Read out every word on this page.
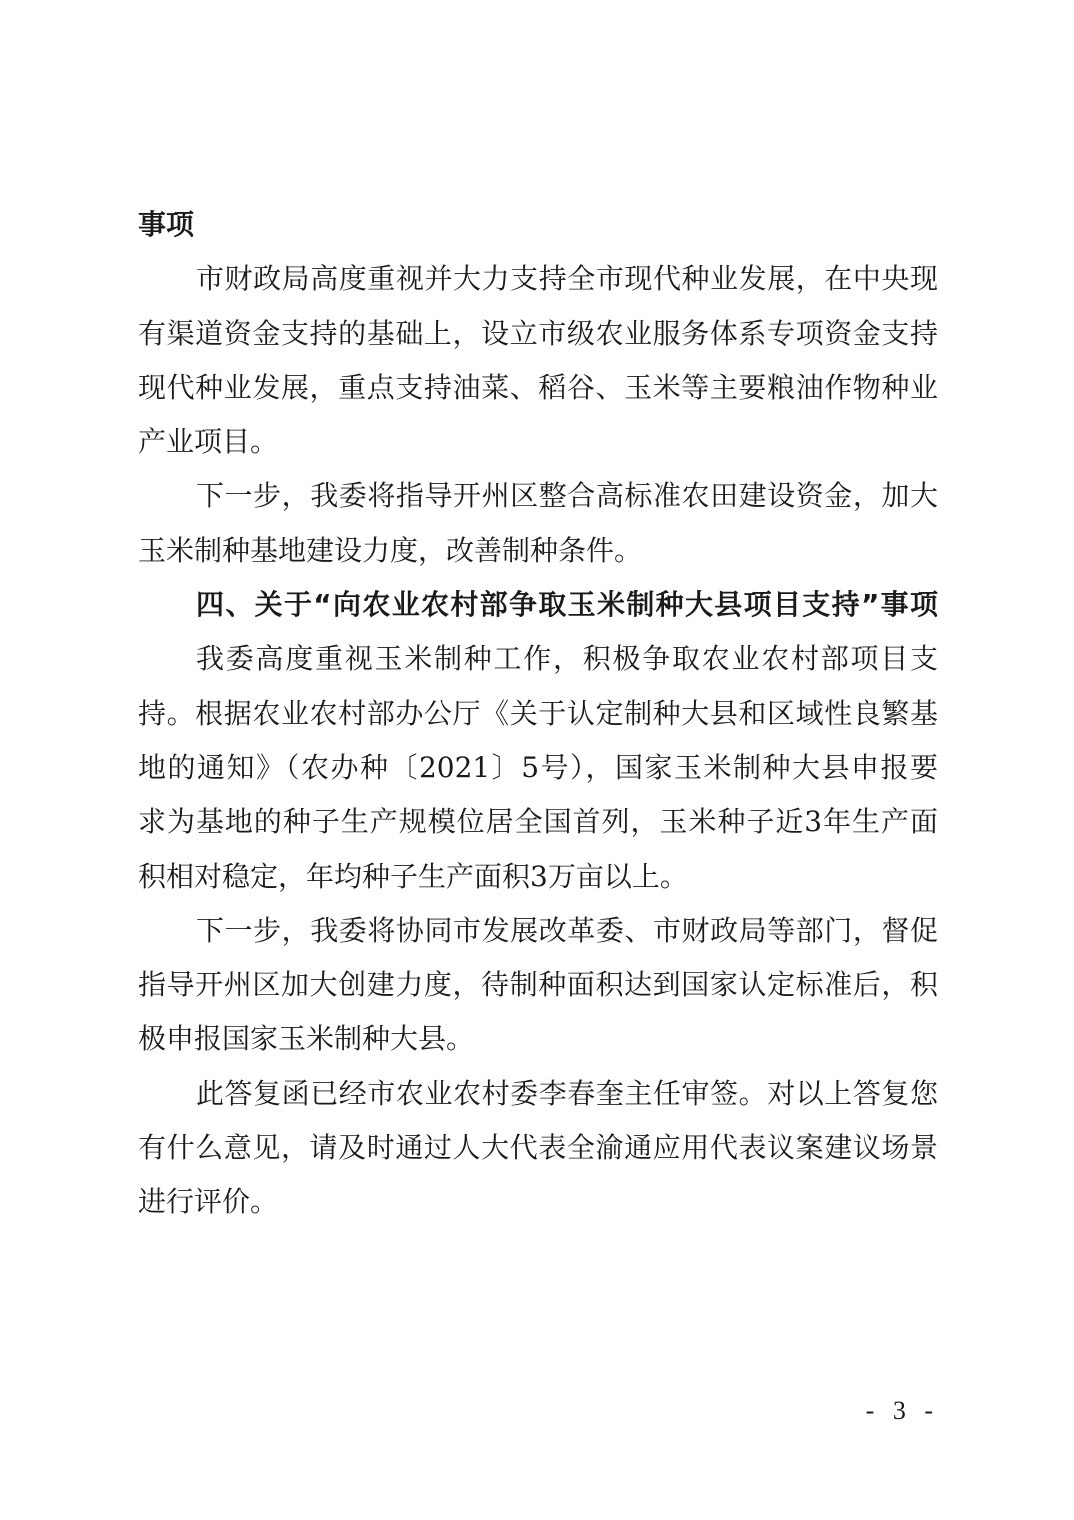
事项
市财政局高度重视并大力支持全市现代种业发展，在中央现
有渠道资金支持的基础上，设立市级农业服务体系专项资金支持
现代种业发展，重点支持油菜、稻谷、玉米等主要粮油作物种业
产业项目。
下一步，我委将指导开州区整合高标准农田建设资金，加大
玉米制种基地建设力度，改善制种条件。
四、关于“向农业农村部争取玉米制种大县项目支持”事项
我委高度重视玉米制种工作，积极争取农业农村部项目支
持。根据农业农村部办公厅《关于认定制种大县和区域性良繁基
地的通知》（农办种〔2021〕5号），国家玉米制种大县申报要
求为基地的种子生产规模位居全国首列，玉米种子近3年生产面
积相对稳定，年均种子生产面积3万亩以上。
下一步，我委将协同市发展改革委、市财政局等部门，督促
指导开州区加大创建力度，待制种面积达到国家认定标准后，积
极申报国家玉米制种大县。
此答复函已经市农业农村委李春奎主任审签。对以上答复您
有什么意见，请及时通过人大代表全渝通应用代表议案建议场景
进行评价。
- 3 -
